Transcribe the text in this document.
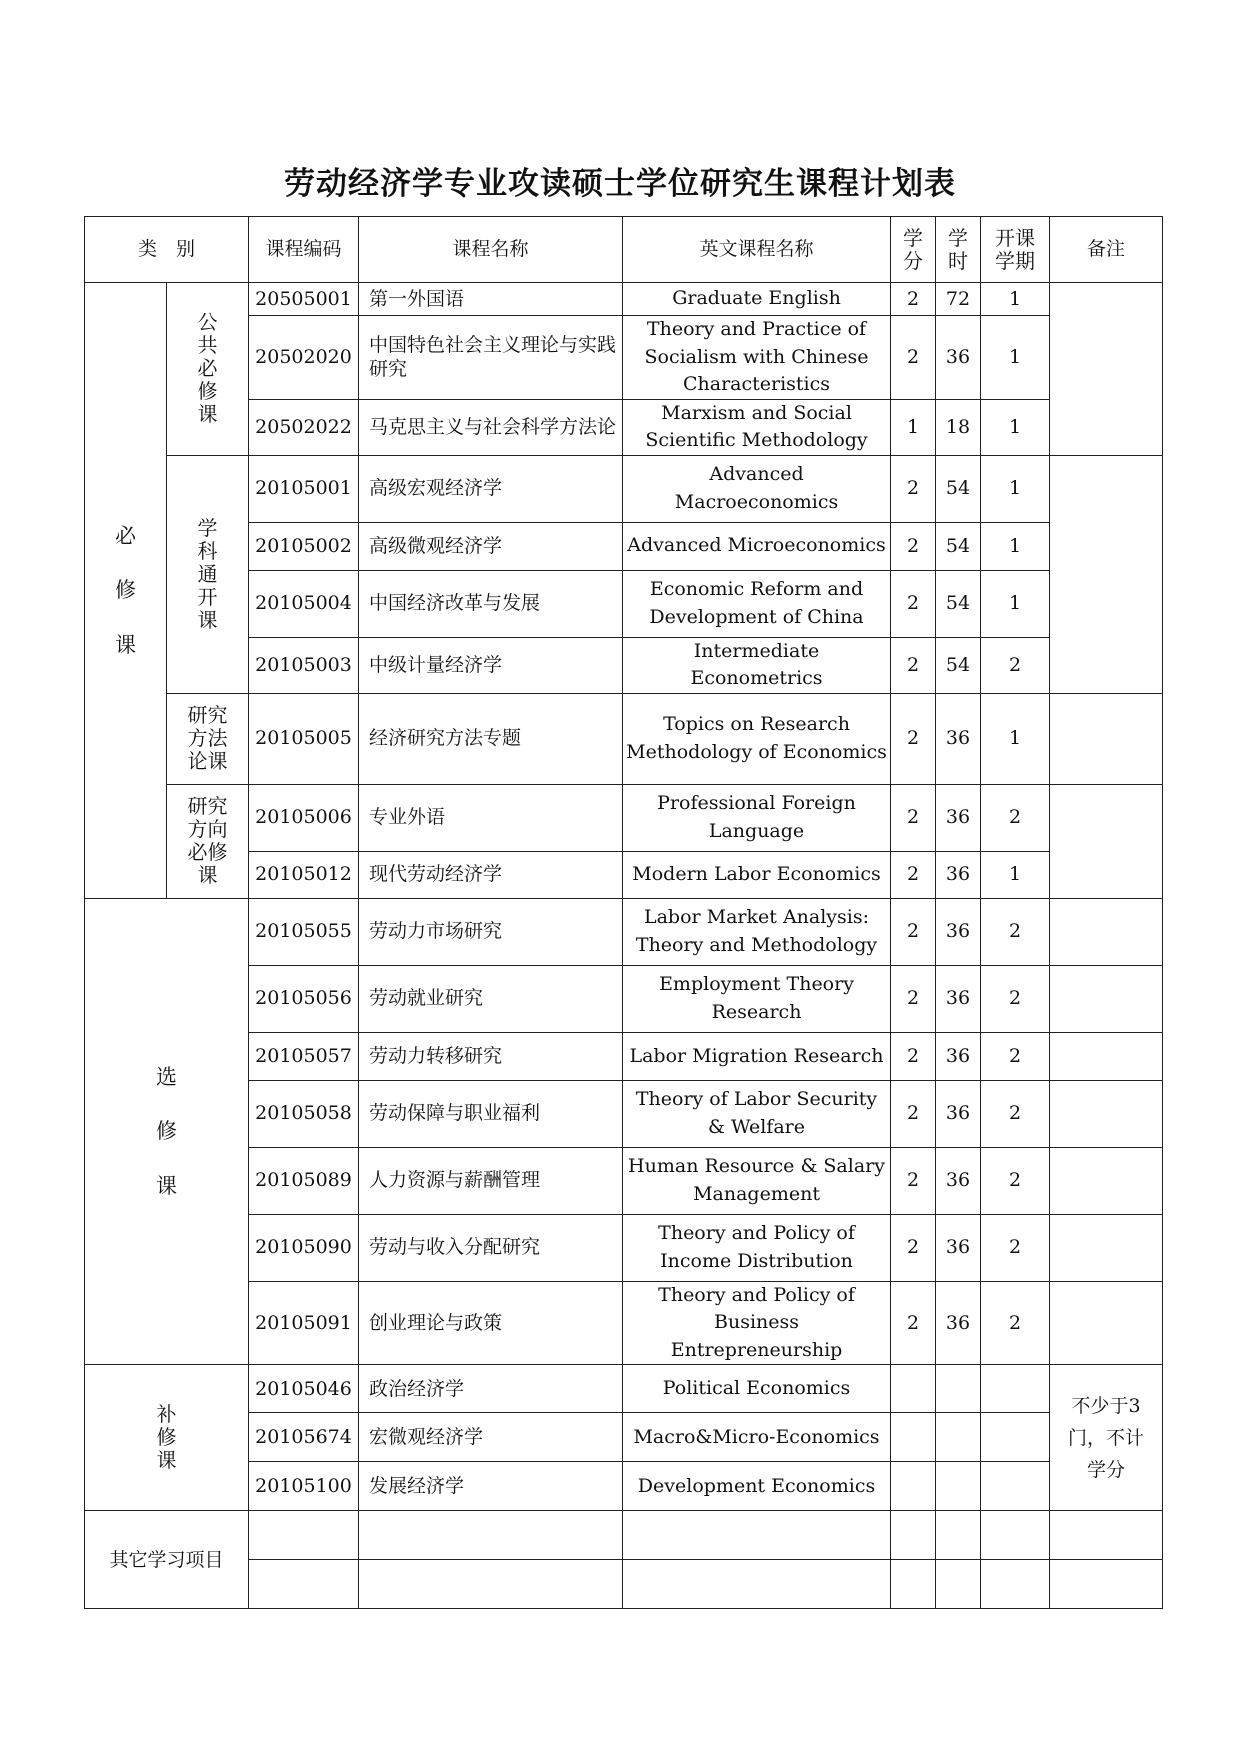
劳动经济学专业攻读硕士学位研究生课程计划表
类　别		课程编码	课程名称	英文课程名称	学分	学时	开课学期	备注

必修课	公共必修课	20505001	第一外国语	Graduate English	2	72	1	
		20502020	中国特色社会主义理论与实践研究	Theory and Practice of Socialism with Chinese Characteristics	2	36	1	
		20502022	马克思主义与社会科学方法论	Marxism and Social Scientific Methodology	1	18	1	

	学科通开课	20105001	高级宏观经济学	Advanced Macroeconomics	2	54	1	
		20105002	高级微观经济学	Advanced Microeconomics	2	54	1	
		20105004	中国经济改革与发展	Economic Reform and Development of China	2	54	1	
		20105003	中级计量经济学	Intermediate Econometrics	2	54	2	

	研究方法论课	20105005	经济研究方法专题	Topics on Research Methodology of Economics	2	36	1	

	研究方向必修课	20105006	专业外语	Professional Foreign Language	2	36	2	
		20105012	现代劳动经济学	Modern Labor Economics	2	36	1	

选修课		20105055	劳动力市场研究	Labor Market Analysis: Theory and Methodology	2	36	2	
		20105056	劳动就业研究	Employment Theory Research	2	36	2	
		20105057	劳动力转移研究	Labor Migration Research	2	36	2	
		20105058	劳动保障与职业福利	Theory of Labor Security & Welfare	2	36	2	
		20105089	人力资源与薪酬管理	Human Resource & Salary Management	2	36	2	
		20105090	劳动与收入分配研究	Theory and Policy of Income Distribution	2	36	2	
		20105091	创业理论与政策	Theory and Policy of Business Entrepreneurship	2	36	2	

补修课		20105046	政治经济学	Political Economics				不少于3门，不计学分

		20105674	宏微观经济学	Macro&Micro-Economics				
		20105100	发展经济学	Development Economics				
其它学习项目								
